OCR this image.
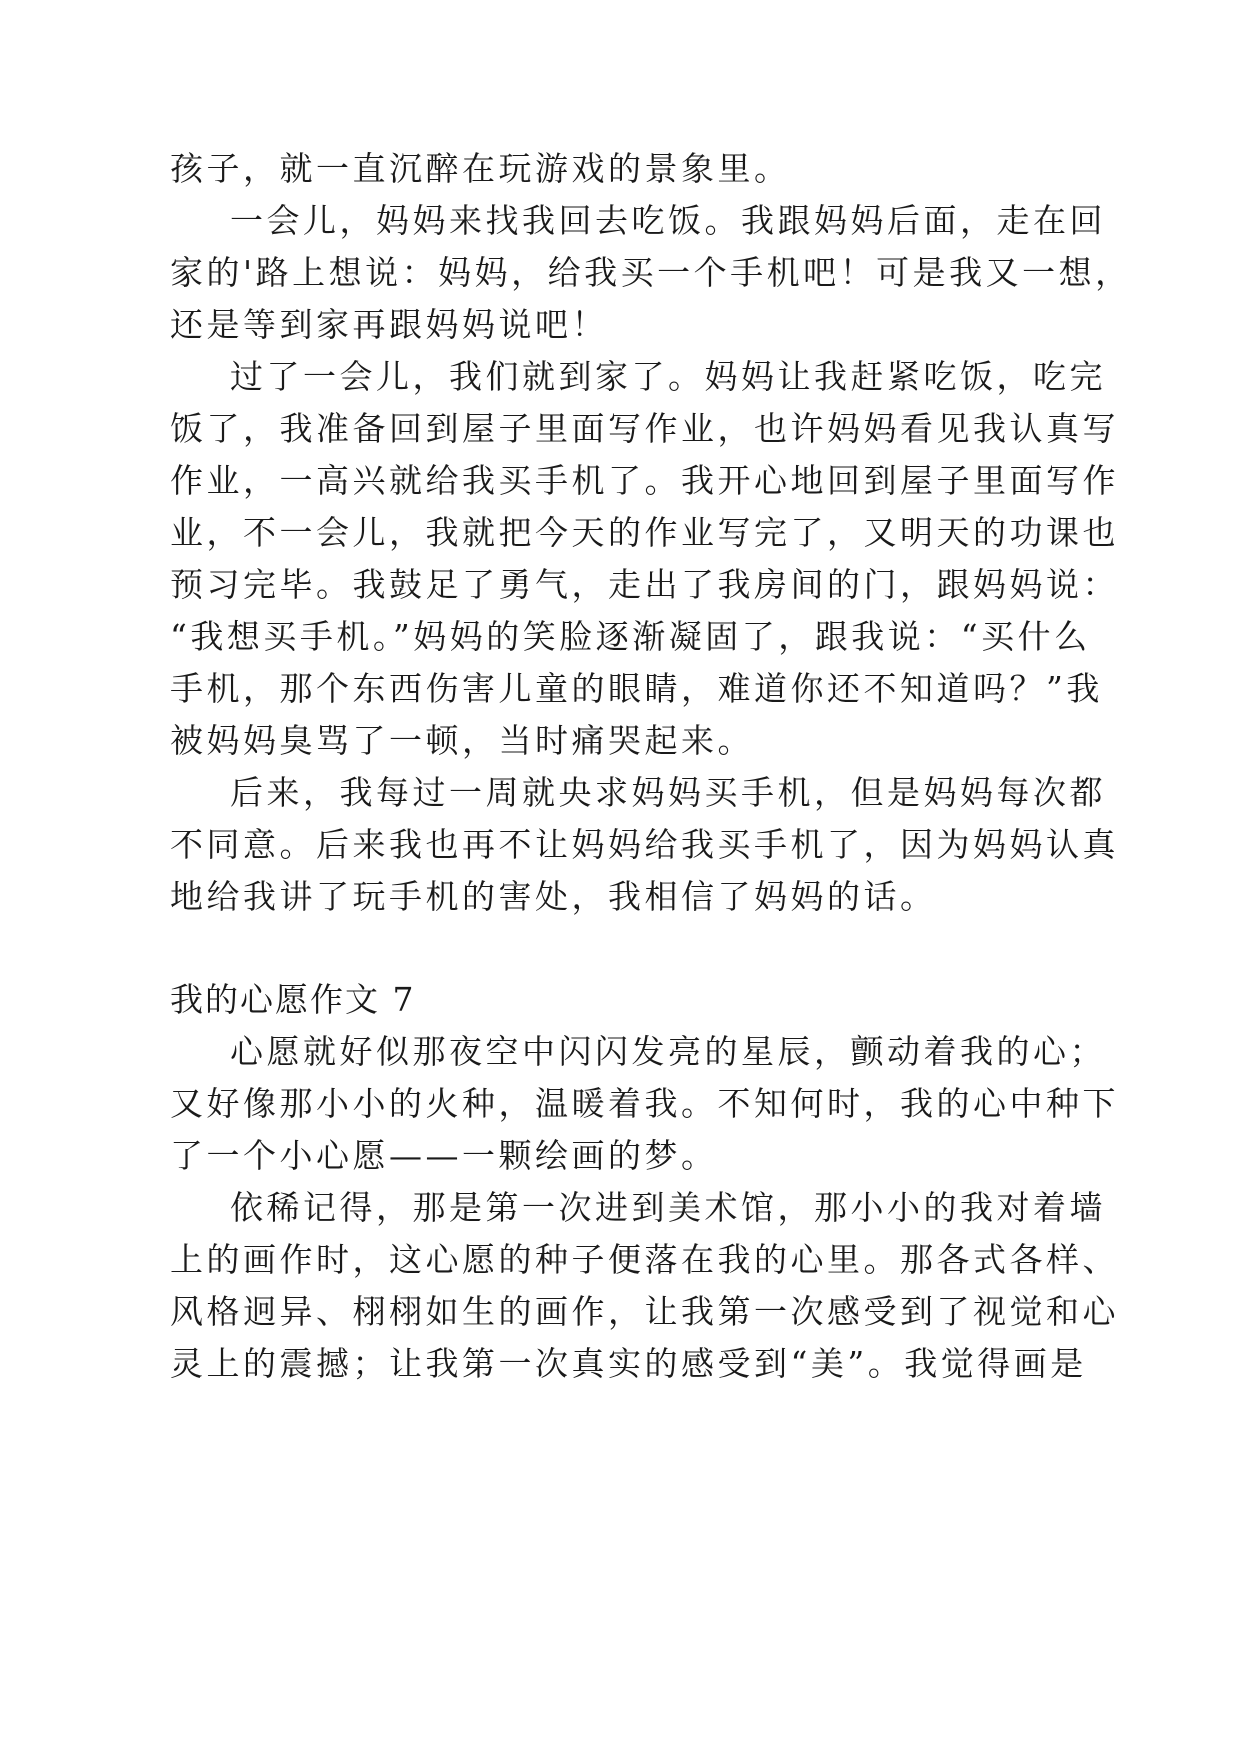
孩子，就一直沉醉在玩游戏的景象里。
一会儿，妈妈来找我回去吃饭。我跟妈妈后面，走在回
家的'路上想说：妈妈，给我买一个手机吧！可是我又一想，
还是等到家再跟妈妈说吧！
过了一会儿，我们就到家了。妈妈让我赶紧吃饭，吃完
饭了，我准备回到屋子里面写作业，也许妈妈看见我认真写
作业，一高兴就给我买手机了。我开心地回到屋子里面写作
业，不一会儿，我就把今天的作业写完了，又明天的功课也
预习完毕。我鼓足了勇气，走出了我房间的门，跟妈妈说：
“我想买手机。”妈妈的笑脸逐渐凝固了，跟我说：“买什么
手机，那个东西伤害儿童的眼睛，难道你还不知道吗？”我
被妈妈臭骂了一顿，当时痛哭起来。
后来，我每过一周就央求妈妈买手机，但是妈妈每次都
不同意。后来我也再不让妈妈给我买手机了，因为妈妈认真
地给我讲了玩手机的害处，我相信了妈妈的话。
我的心愿作文 7
心愿就好似那夜空中闪闪发亮的星辰，颤动着我的心；
又好像那小小的火种，温暖着我。不知何时，我的心中种下
了一个小心愿——一颗绘画的梦。
依稀记得，那是第一次进到美术馆，那小小的我对着墙
上的画作时，这心愿的种子便落在我的心里。那各式各样、
风格迥异、栩栩如生的画作，让我第一次感受到了视觉和心
灵上的震撼；让我第一次真实的感受到“美”。我觉得画是
